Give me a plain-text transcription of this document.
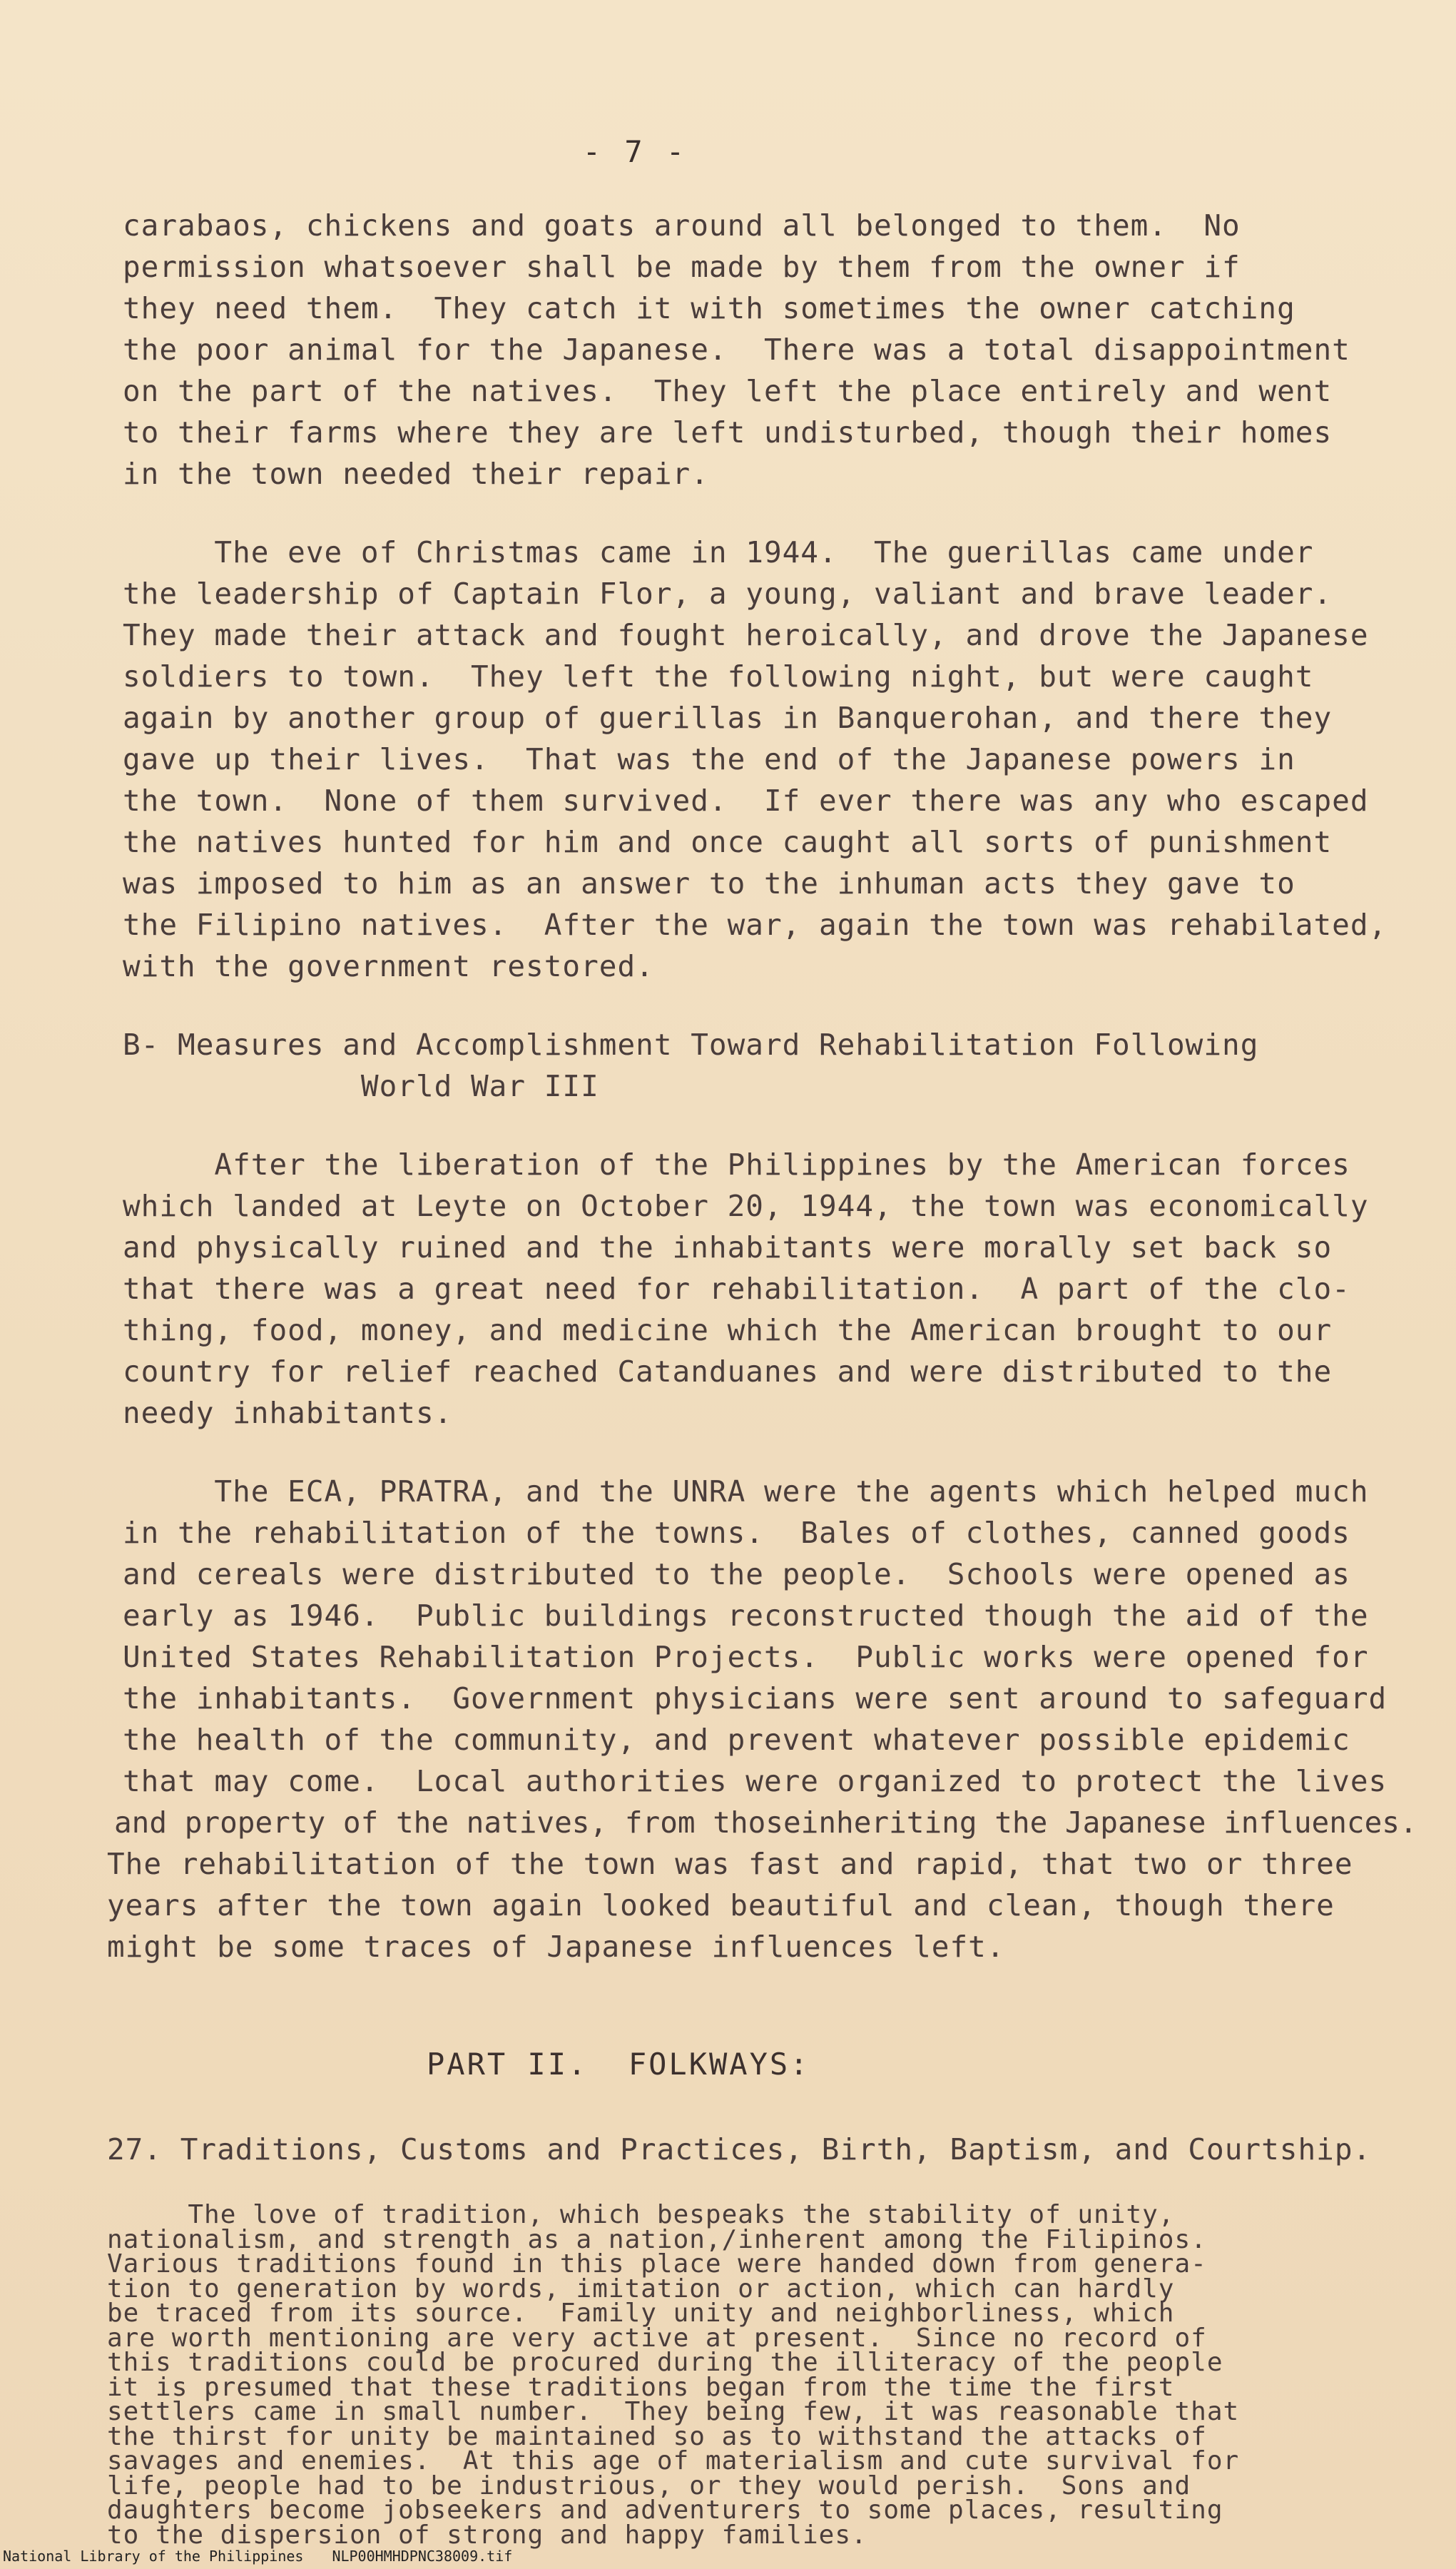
- 7 -
carabaos, chickens and goats around all belonged to them.  No
permission whatsoever shall be made by them from the owner if
they need them.  They catch it with sometimes the owner catching
the poor animal for the Japanese.  There was a total disappointment
on the part of the natives.  They left the place entirely and went
to their farms where they are left undisturbed, though their homes
in the town needed their repair.
The eve of Christmas came in 1944.  The guerillas came under
the leadership of Captain Flor, a young, valiant and brave leader.
They made their attack and fought heroically, and drove the Japanese
soldiers to town.  They left the following night, but were caught
again by another group of guerillas in Banquerohan, and there they
gave up their lives.  That was the end of the Japanese powers in
the town.  None of them survived.  If ever there was any who escaped
the natives hunted for him and once caught all sorts of punishment
was imposed to him as an answer to the inhuman acts they gave to
the Filipino natives.  After the war, again the town was rehabilated,
with the government restored.
B- Measures and Accomplishment Toward Rehabilitation Following
World War III
After the liberation of the Philippines by the American forces
which landed at Leyte on October 20, 1944, the town was economically
and physically ruined and the inhabitants were morally set back so
that there was a great need for rehabilitation.  A part of the clo-
thing, food, money, and medicine which the American brought to our
country for relief reached Catanduanes and were distributed to the
needy inhabitants.
The ECA, PRATRA, and the UNRA were the agents which helped much
in the rehabilitation of the towns.  Bales of clothes, canned goods
and cereals were distributed to the people.  Schools were opened as
early as 1946.  Public buildings reconstructed though the aid of the
United States Rehabilitation Projects.  Public works were opened for
the inhabitants.  Government physicians were sent around to safeguard
the health of the community, and prevent whatever possible epidemic
that may come.  Local authorities were organized to protect the lives
and property of the natives, from thoseinheriting the Japanese influences.
The rehabilitation of the town was fast and rapid, that two or three
years after the town again looked beautiful and clean, though there
might be some traces of Japanese influences left.
PART II.  FOLKWAYS:
27. Traditions, Customs and Practices, Birth, Baptism, and Courtship.
National Library of the Philippines NLP00HMHDPNC38009.tif
The love of tradition, which bespeaks the stability of unity,
nationalism, and strength as a nation,/inherent among the Filipinos.
Various traditions found in this place were handed down from genera-
tion to generation by words, imitation or action, which can hardly
be traced from its source.  Family unity and neighborliness, which
are worth mentioning are very active at present.  Since no record of
this traditions could be procured during the illiteracy of the people
it is presumed that these traditions began from the time the first
settlers came in small number.  They being few, it was reasonable that
the thirst for unity be maintained so as to withstand the attacks of
savages and enemies.  At this age of materialism and cute survival for
life, people had to be industrious, or they would perish.  Sons and
daughters become jobseekers and adventurers to some places, resulting
to the dispersion of strong and happy families.
